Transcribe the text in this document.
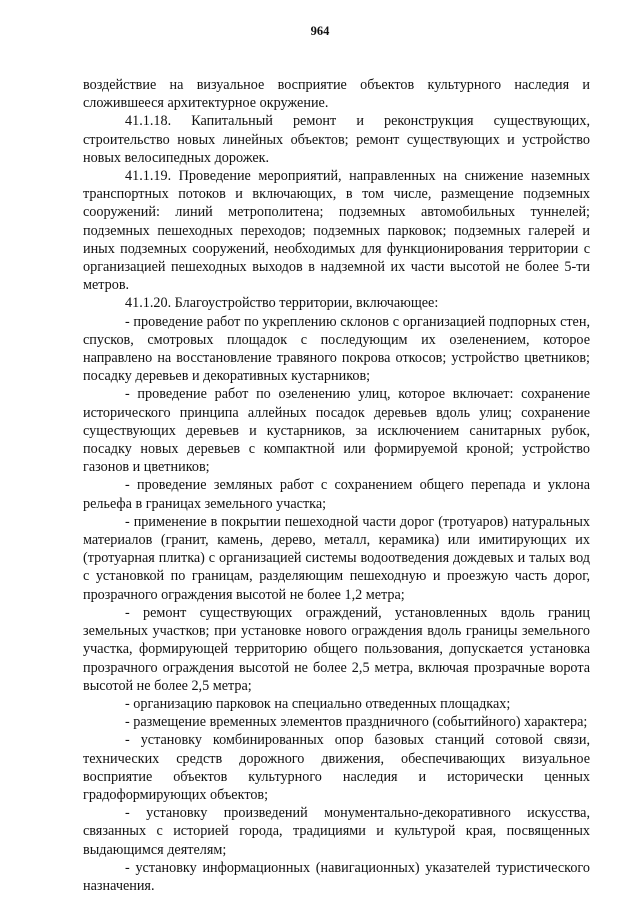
964

воздействие на визуальное восприятие объектов культурного наследия и сложившееся архитектурное окружение.

41.1.18. Капитальный ремонт и реконструкция существующих, строительство новых линейных объектов; ремонт существующих и устройство новых велосипедных дорожек.

41.1.19. Проведение мероприятий, направленных на снижение наземных транспортных потоков и включающих, в том числе, размещение подземных сооружений: линий метрополитена; подземных автомобильных туннелей; подземных пешеходных переходов; подземных парковок; подземных галерей и иных подземных сооружений, необходимых для функционирования территории с организацией пешеходных выходов в надземной их части высотой не более 5-ти метров.

41.1.20. Благоустройство территории, включающее:

- проведение работ по укреплению склонов с организацией подпорных стен, спусков, смотровых площадок с последующим их озеленением, которое направлено на восстановление травяного покрова откосов; устройство цветников; посадку деревьев и декоративных кустарников;

- проведение работ по озеленению улиц, которое включает: сохранение исторического принципа аллейных посадок деревьев вдоль улиц; сохранение существующих деревьев и кустарников, за исключением санитарных рубок, посадку новых деревьев с компактной или формируемой кроной; устройство газонов и цветников;

- проведение земляных работ с сохранением общего перепада и уклона рельефа в границах земельного участка;

- применение в покрытии пешеходной части дорог (тротуаров) натуральных материалов (гранит, камень, дерево, металл, керамика) или имитирующих их (тротуарная плитка) с организацией системы водоотведения дождевых и талых вод с установкой по границам, разделяющим пешеходную и проезжую часть дорог, прозрачного ограждения высотой не более 1,2 метра;

- ремонт существующих ограждений, установленных вдоль границ земельных участков; при установке нового ограждения вдоль границы земельного участка, формирующей территорию общего пользования, допускается установка прозрачного ограждения высотой не более 2,5 метра, включая прозрачные ворота высотой не более 2,5 метра;

- организацию парковок на специально отведенных площадках;

- размещение временных элементов праздничного (событийного) характера;

- установку комбинированных опор базовых станций сотовой связи, технических средств дорожного движения, обеспечивающих визуальное восприятие объектов культурного наследия и исторически ценных градоформирующих объектов;

- установку произведений монументально-декоративного искусства, связанных с историей города, традициями и культурой края, посвященных выдающимся деятелям;

- установку информационных (навигационных) указателей туристического назначения.
